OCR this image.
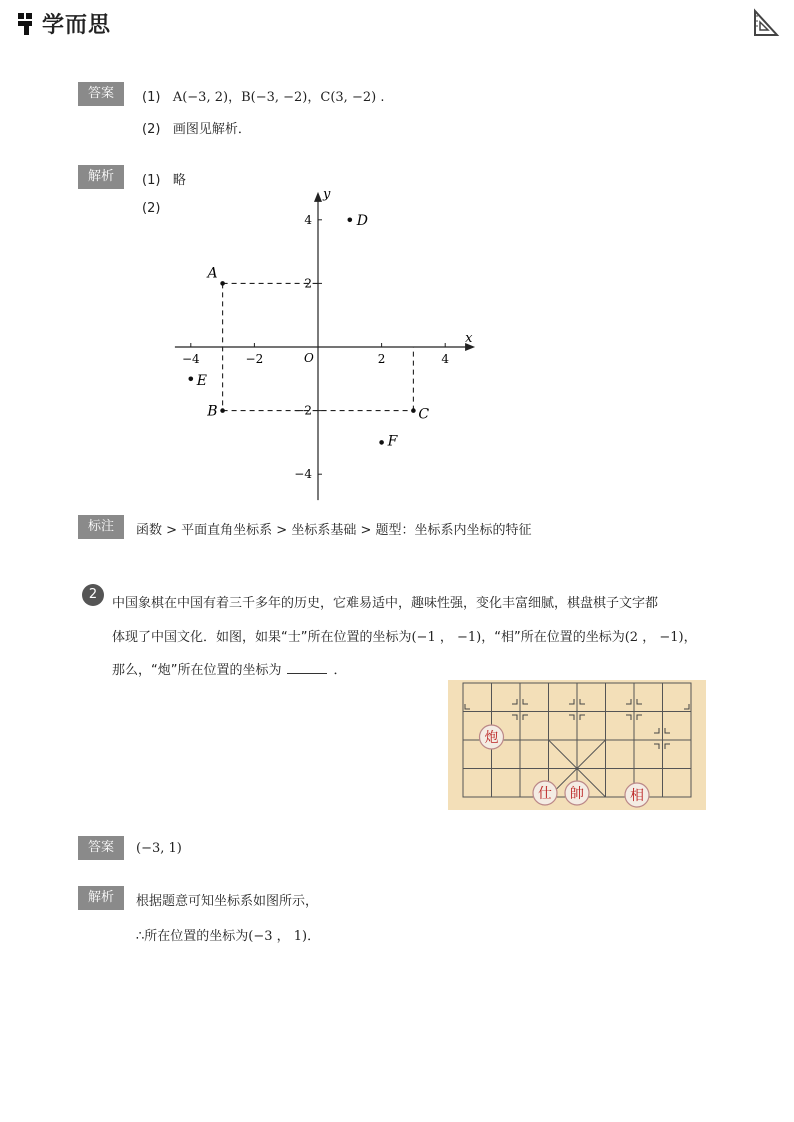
学而思
答案	(1) A(−3, 2)，B(−3, −2)，C(3, −2) .
(2) 画图见解析．
解析	(1) 略
(2)
x
y
O
−4	−2	2	4
−4
−2
2
4
A
B	C
D
E
F
标注	函数 > 平面直角坐标系 > 坐标系基础 > 题型：坐标系内坐标的特征
2
中国象棋在中国有着三千多年的历史，它难易适中，趣味性强，变化丰富细腻，棋盘棋子文字都
体现了中国文化．如图，如果“士”所在位置的坐标为(−1 ， −1)，“相”所在位置的坐标为(2 ， −1)，
那么，“炮”所在位置的坐标为	．
炮
仕 帥	相
答案	(−3, 1)
解析	根据题意可知坐标系如图所示，
∴所在位置的坐标为(−3 ， 1)．
